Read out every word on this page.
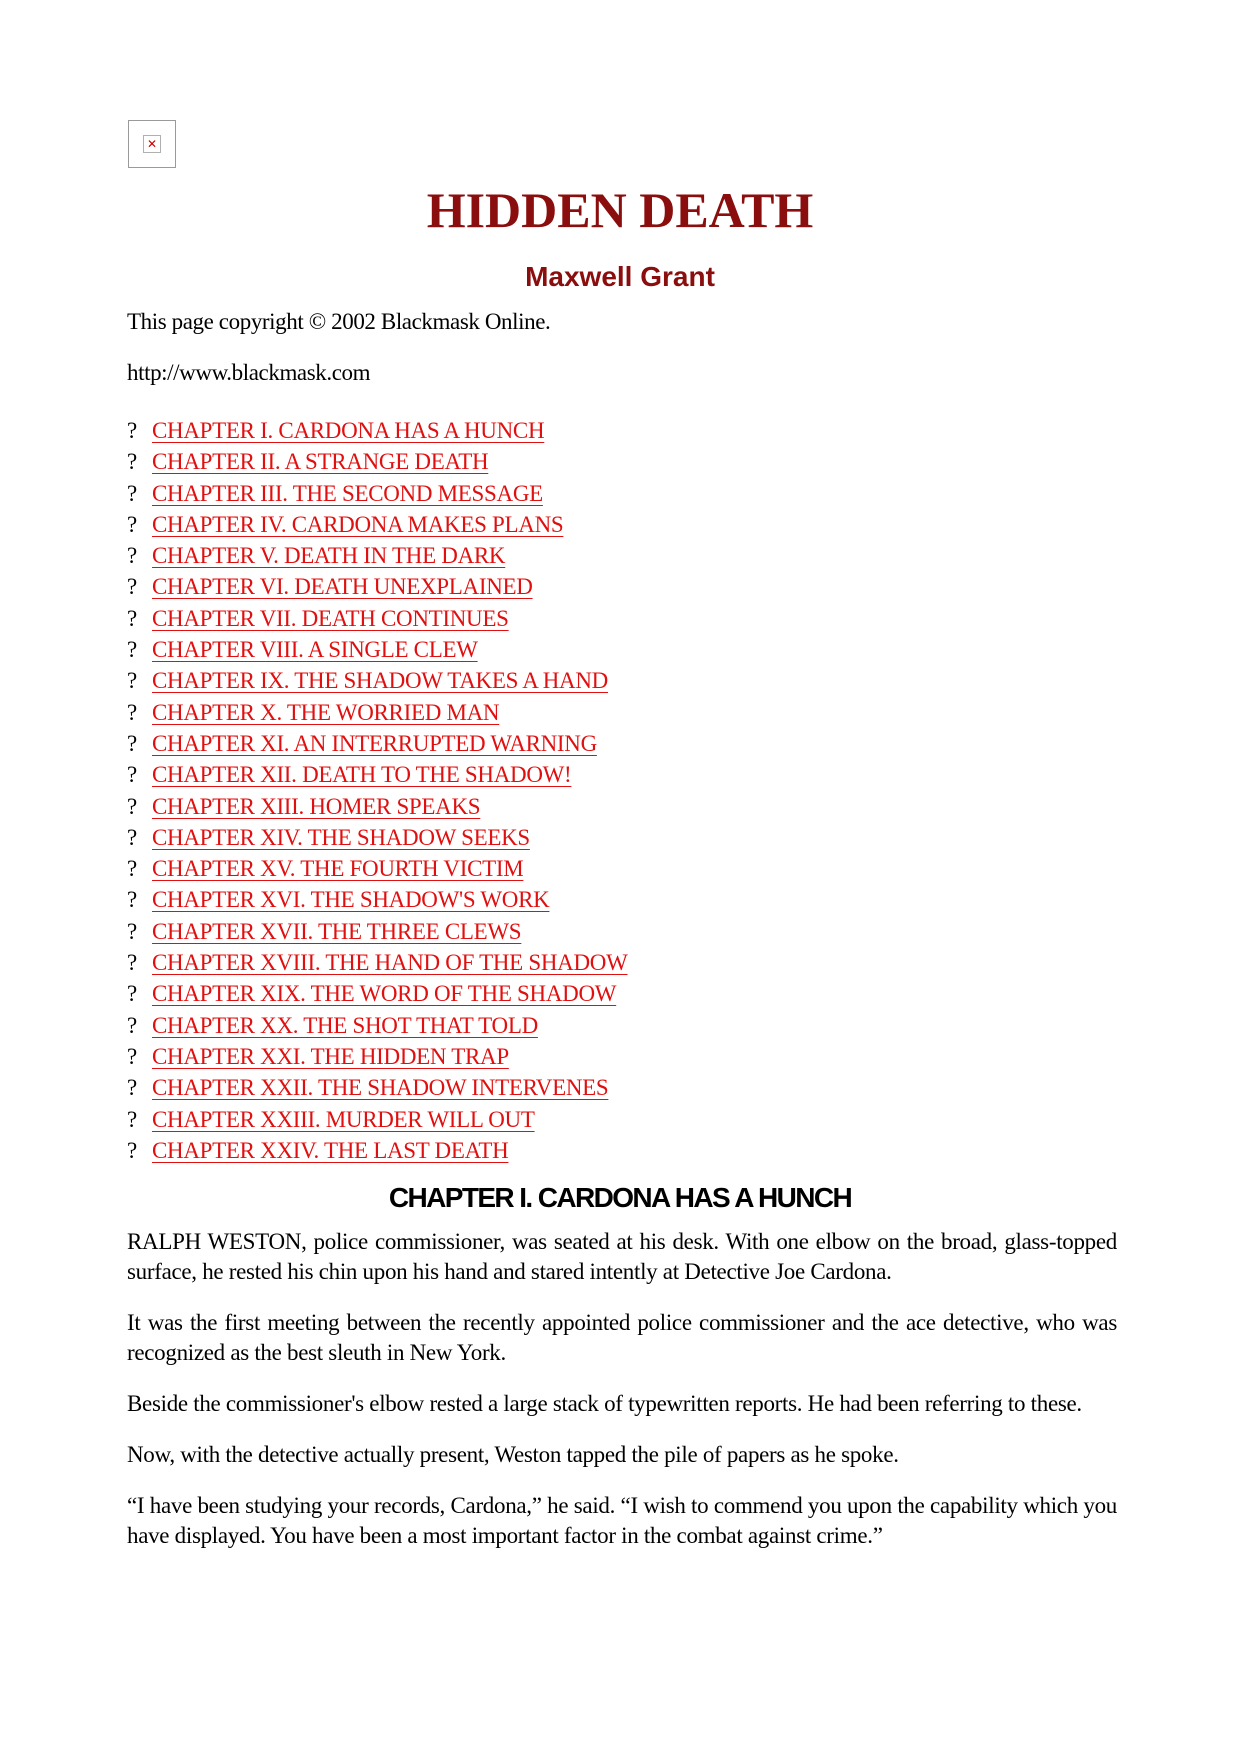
✕
HIDDEN DEATH
Maxwell Grant
This page copyright © 2002 Blackmask Online.
http://www.blackmask.com
? CHAPTER I. CARDONA HAS A HUNCH
? CHAPTER II. A STRANGE DEATH
? CHAPTER III. THE SECOND MESSAGE
? CHAPTER IV. CARDONA MAKES PLANS
? CHAPTER V. DEATH IN THE DARK
? CHAPTER VI. DEATH UNEXPLAINED
? CHAPTER VII. DEATH CONTINUES
? CHAPTER VIII. A SINGLE CLEW
? CHAPTER IX. THE SHADOW TAKES A HAND
? CHAPTER X. THE WORRIED MAN
? CHAPTER XI. AN INTERRUPTED WARNING
? CHAPTER XII. DEATH TO THE SHADOW!
? CHAPTER XIII. HOMER SPEAKS
? CHAPTER XIV. THE SHADOW SEEKS
? CHAPTER XV. THE FOURTH VICTIM
? CHAPTER XVI. THE SHADOW'S WORK
? CHAPTER XVII. THE THREE CLEWS
? CHAPTER XVIII. THE HAND OF THE SHADOW
? CHAPTER XIX. THE WORD OF THE SHADOW
? CHAPTER XX. THE SHOT THAT TOLD
? CHAPTER XXI. THE HIDDEN TRAP
? CHAPTER XXII. THE SHADOW INTERVENES
? CHAPTER XXIII. MURDER WILL OUT
? CHAPTER XXIV. THE LAST DEATH
CHAPTER I. CARDONA HAS A HUNCH

RALPH WESTON, police commissioner, was seated at his desk. With one elbow on the broad, glass-topped surface, he rested his chin upon his hand and stared intently at Detective Joe Cardona.

It was the first meeting between the recently appointed police commissioner and the ace detective, who was recognized as the best sleuth in New York.

Beside the commissioner's elbow rested a large stack of typewritten reports. He had been referring to these.

Now, with the detective actually present, Weston tapped the pile of papers as he spoke.

“I have been studying your records, Cardona,” he said. “I wish to commend you upon the capability which you have displayed. You have been a most important factor in the combat against crime.”
